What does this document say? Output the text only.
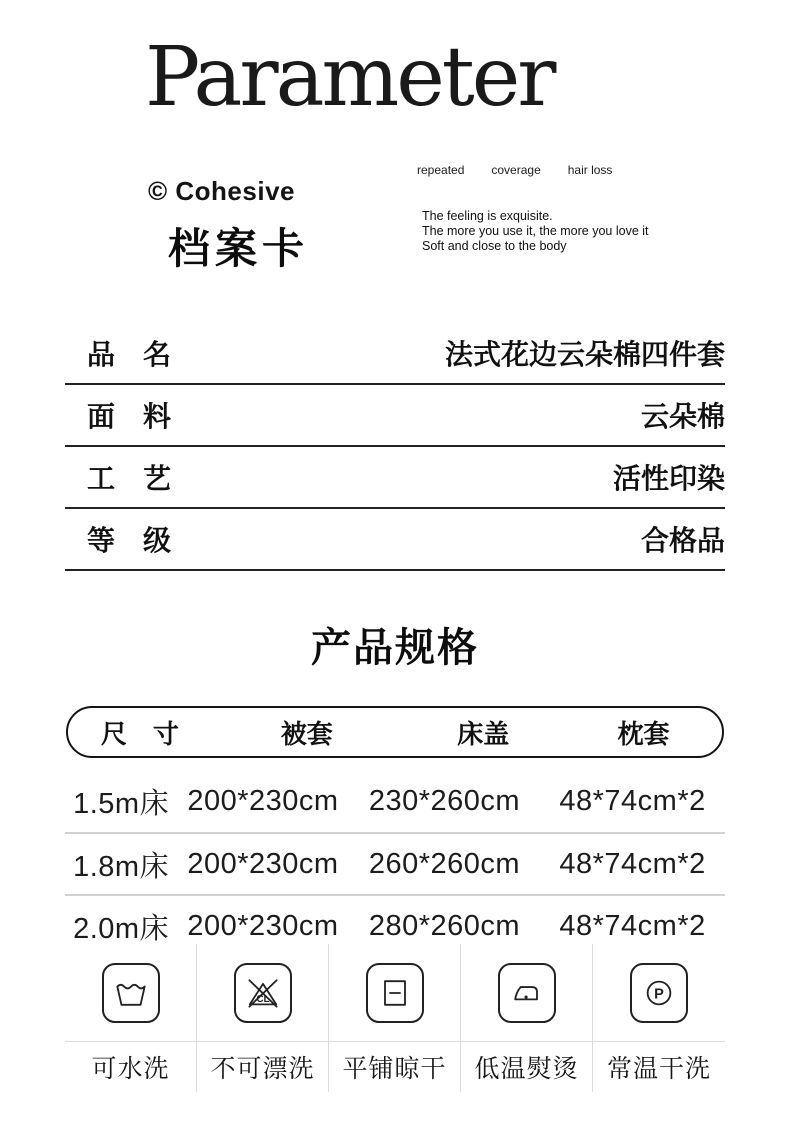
Parameter
© Cohesive
档案卡
repeated coverage hair loss
The feeling is exquisite.
The more you use it, the more you love it
Soft and close to the body
品　名	法式花边云朵棉四件套
面　料	云朵棉
工　艺	活性印染
等　级	合格品
产品规格
尺　寸	被套	床盖	枕套
1.5m床 200*230cm	230*260cm	48*74cm*2
1.8m床 200*230cm	260*260cm	48*74cm*2
2.0m床 200*230cm	280*260cm	48*74cm*2
CL	P
可水洗 不可漂洗 平铺晾干 低温熨烫 常温干洗
